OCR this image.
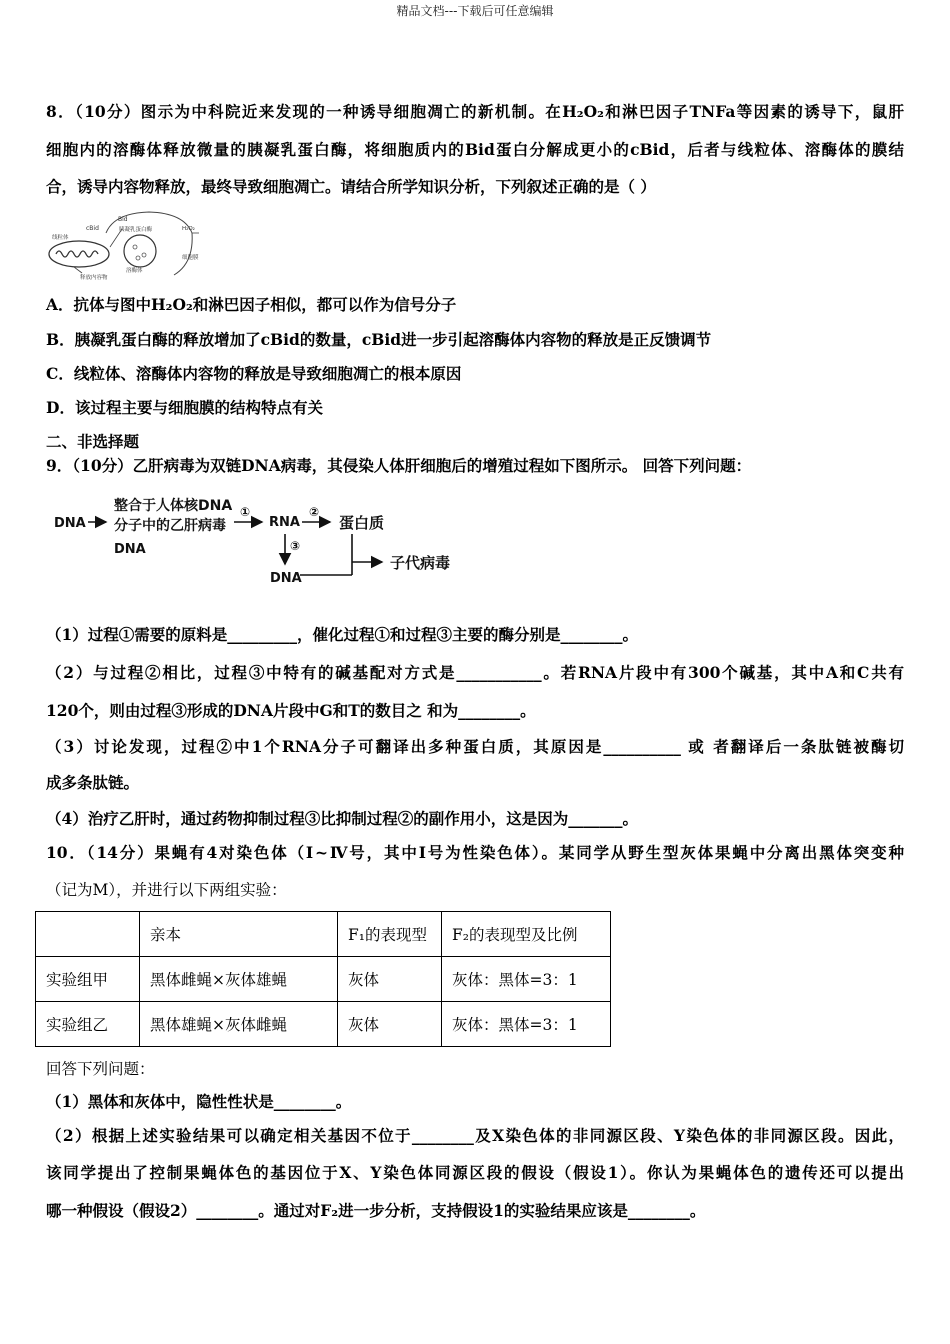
精品文档---下载后可任意编辑
8．（10分）图示为中科院近来发现的一种诱导细胞凋亡的新机制。在H₂O₂和淋巴因子TNFa等因素的诱导下，鼠肝
细胞内的溶酶体释放微量的胰凝乳蛋白酶，将细胞质内的Bid蛋白分解成更小的cBid，后者与线粒体、溶酶体的膜结
合，诱导内容物释放，最终导致细胞凋亡。请结合所学知识分析，下列叙述正确的是（ ）
Bid
cBid	胰凝乳蛋白酶	H₂O₂
线粒体
溶酶体
释放内容物
细胞膜
A．抗体与图中H₂O₂和淋巴因子相似，都可以作为信号分子
B．胰凝乳蛋白酶的释放增加了cBid的数量，cBid进一步引起溶酶体内容物的释放是正反馈调节
C．线粒体、溶酶体内容物的释放是导致细胞凋亡的根本原因
D．该过程主要与细胞膜的结构特点有关
二、非选择题
9．（10分）乙肝病毒为双链DNA病毒，其侵染人体肝细胞后的增殖过程如下图所示。 回答下列问题：
DNA
整合于人体核DNA
分子中的乙肝病毒
DNA
①
RNA
②
蛋白质
③
DNA
子代病毒
（1）过程①需要的原料是_________，催化过程①和过程③主要的酶分别是________。
（2）与过程②相比，过程③中特有的碱基配对方式是___________。若RNA片段中有300个碱基，其中A和C共有
120个，则由过程③形成的DNA片段中G和T的数目之 和为________。
（3）讨论发现，过程②中1个RNA分子可翻译出多种蛋白质，其原因是__________ 或 者翻译后一条肽链被酶切
成多条肽链。
（4）治疗乙肝时，通过药物抑制过程③比抑制过程②的副作用小，这是因为_______。
10．（14分）果蝇有4对染色体（Ⅰ~Ⅳ号，其中Ⅰ号为性染色体）。某同学从野生型灰体果蝇中分离出黑体突变种
（记为M），并进行以下两组实验：
	亲本	F₁的表现型	F₂的表现型及比例
实验组甲	黑体雌蝇×灰体雄蝇	灰体	灰体：黑体=3：1
实验组乙	黑体雄蝇×灰体雌蝇	灰体	灰体：黑体=3：1
回答下列问题：
（1）黑体和灰体中，隐性性状是________。
（2）根据上述实验结果可以确定相关基因不位于________及X染色体的非同源区段、Y染色体的非同源区段。因此，
该同学提出了控制果蝇体色的基因位于X、Y染色体同源区段的假设（假设1）。你认为果蝇体色的遗传还可以提出
哪一种假设（假设2）________。通过对F₂进一步分析，支持假设1的实验结果应该是________。
